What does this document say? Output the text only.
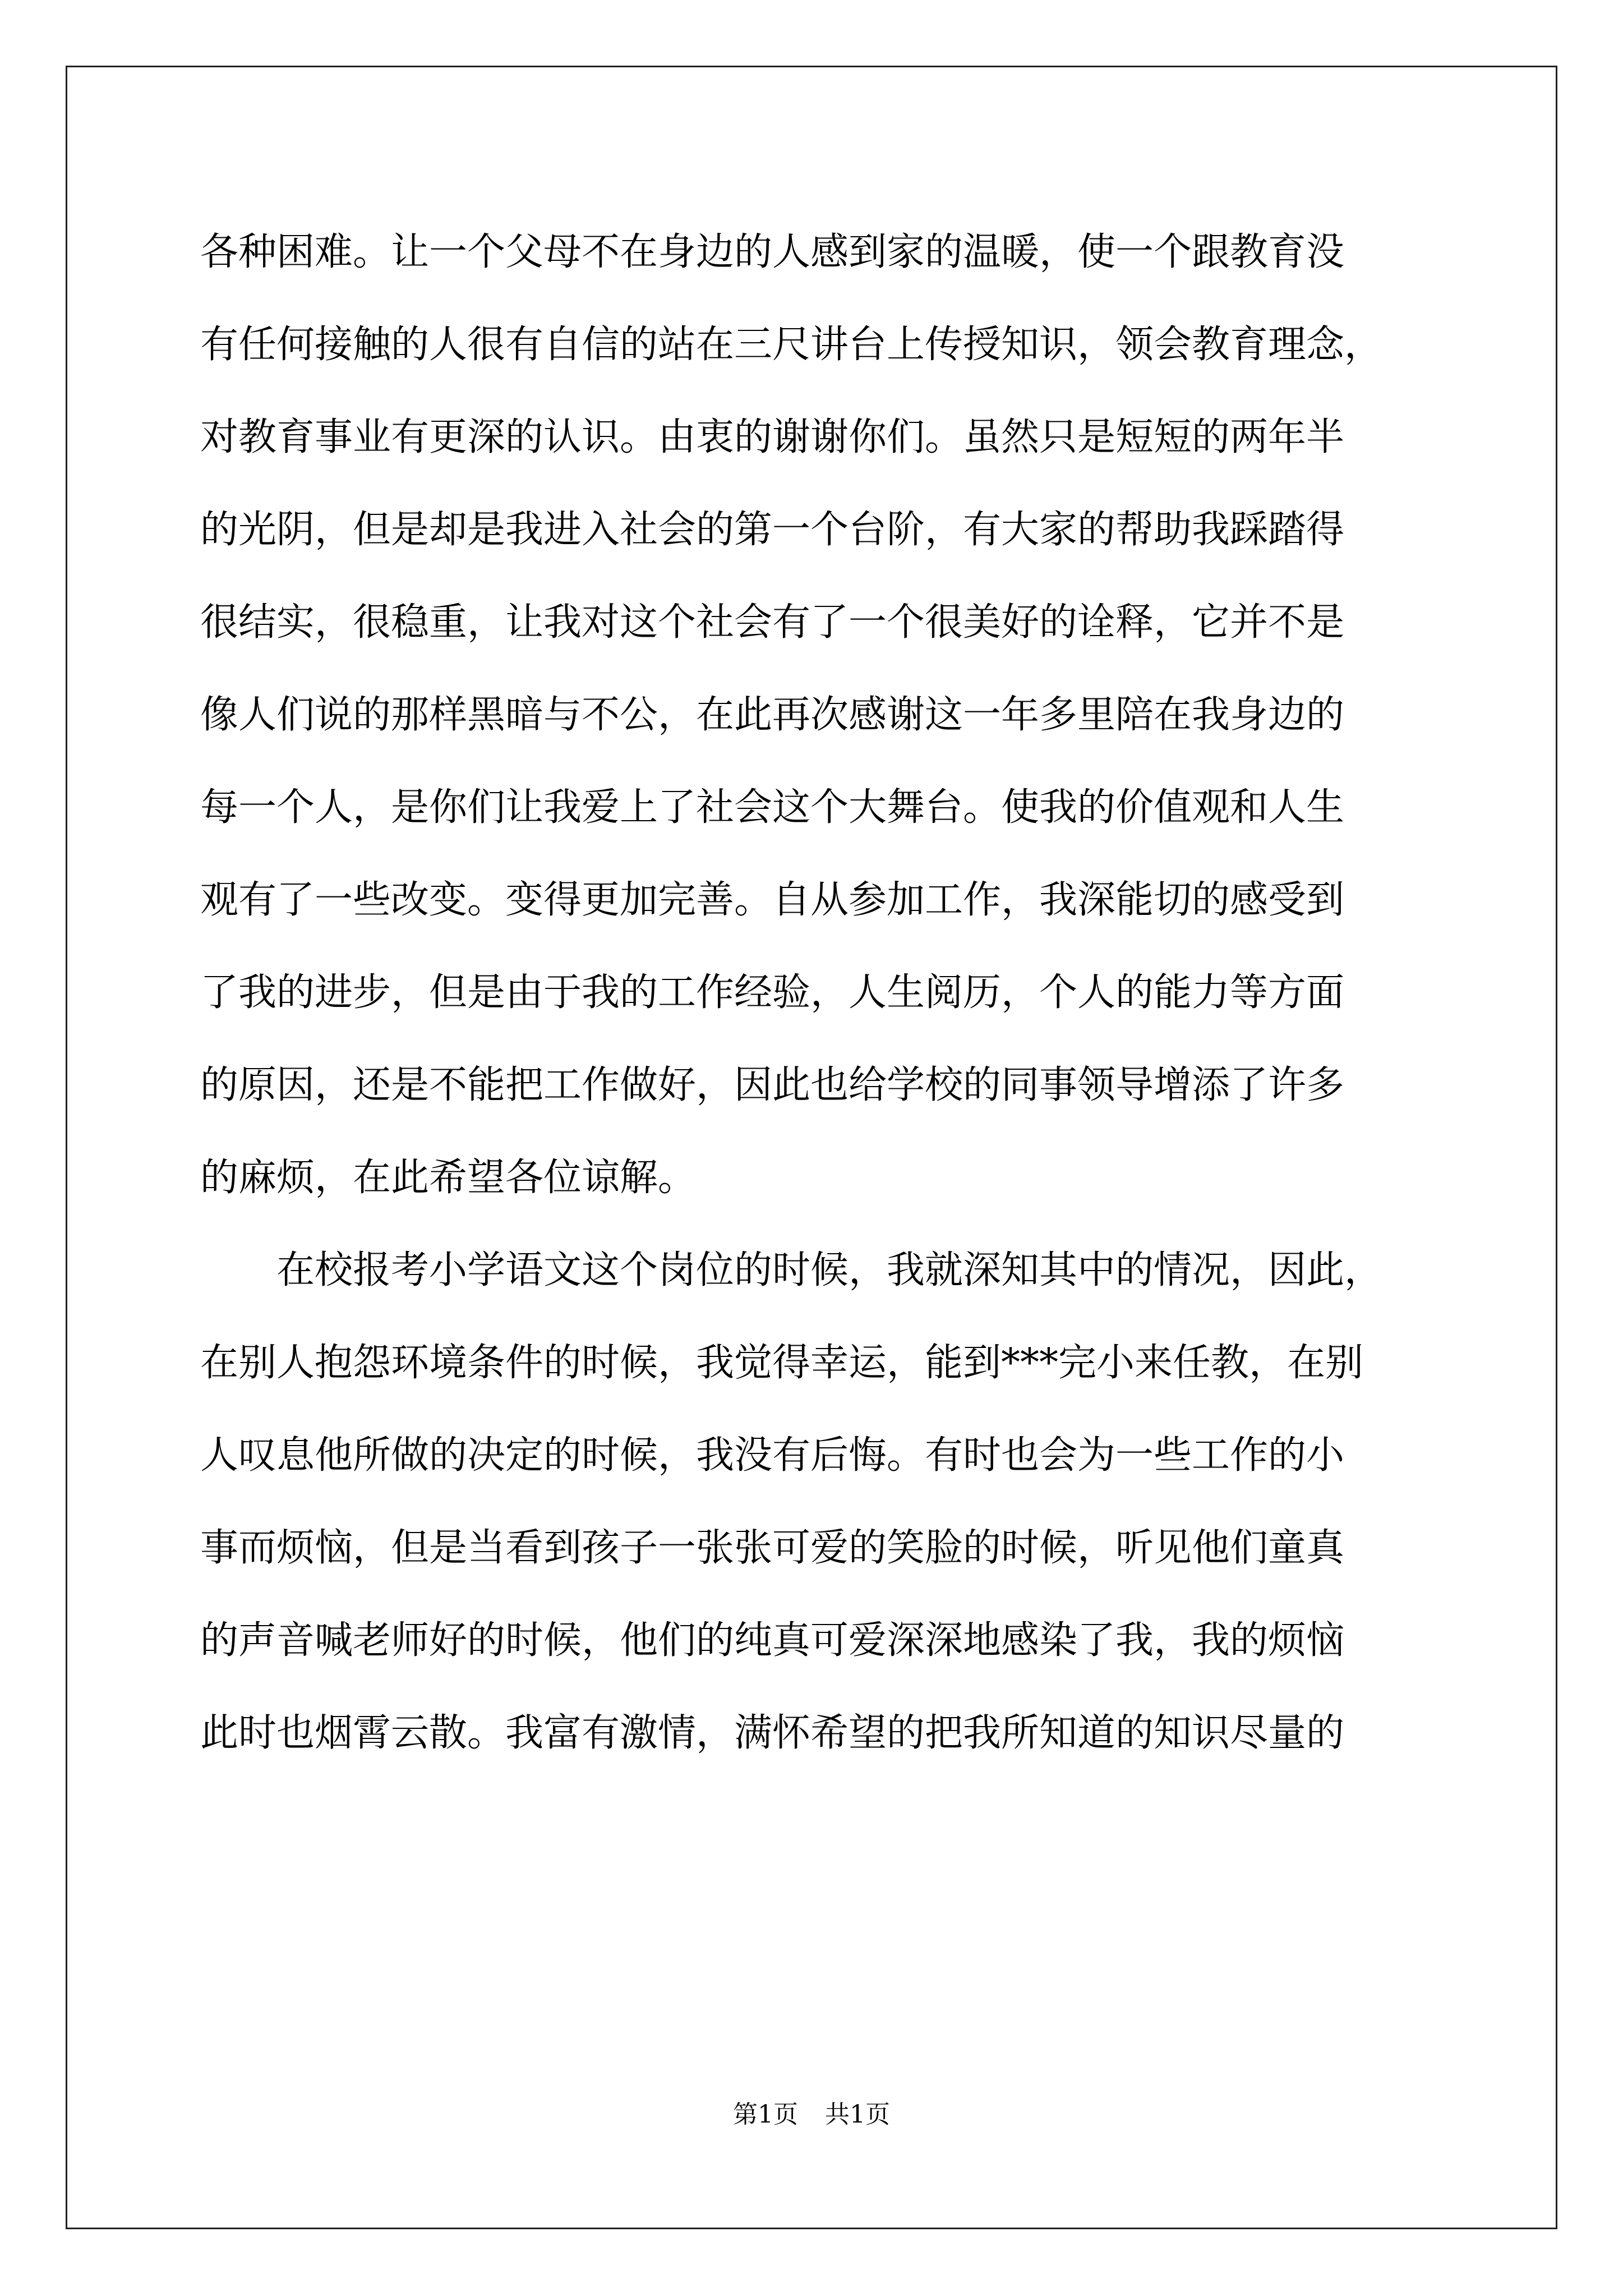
各种困难。让一个父母不在身边的人感到家的温暖，使一个跟教育没
有任何接触的人很有自信的站在三尺讲台上传授知识，领会教育理念，
对教育事业有更深的认识。由衷的谢谢你们。虽然只是短短的两年半
的光阴，但是却是我进入社会的第一个台阶，有大家的帮助我踩踏得
很结实，很稳重，让我对这个社会有了一个很美好的诠释，它并不是
像人们说的那样黑暗与不公，在此再次感谢这一年多里陪在我身边的
每一个人，是你们让我爱上了社会这个大舞台。使我的价值观和人生
观有了一些改变。变得更加完善。自从参加工作，我深能切的感受到
了我的进步，但是由于我的工作经验，人生阅历，个人的能力等方面
的原因，还是不能把工作做好，因此也给学校的同事领导增添了许多
的麻烦，在此希望各位谅解。
　　在校报考小学语文这个岗位的时候，我就深知其中的情况，因此，
在别人抱怨环境条件的时候，我觉得幸运，能到***完小来任教，在别
人叹息他所做的决定的时候，我没有后悔。有时也会为一些工作的小
事而烦恼，但是当看到孩子一张张可爱的笑脸的时候，听见他们童真
的声音喊老师好的时候，他们的纯真可爱深深地感染了我，我的烦恼
此时也烟霄云散。我富有激情，满怀希望的把我所知道的知识尽量的
第1页 共1页
